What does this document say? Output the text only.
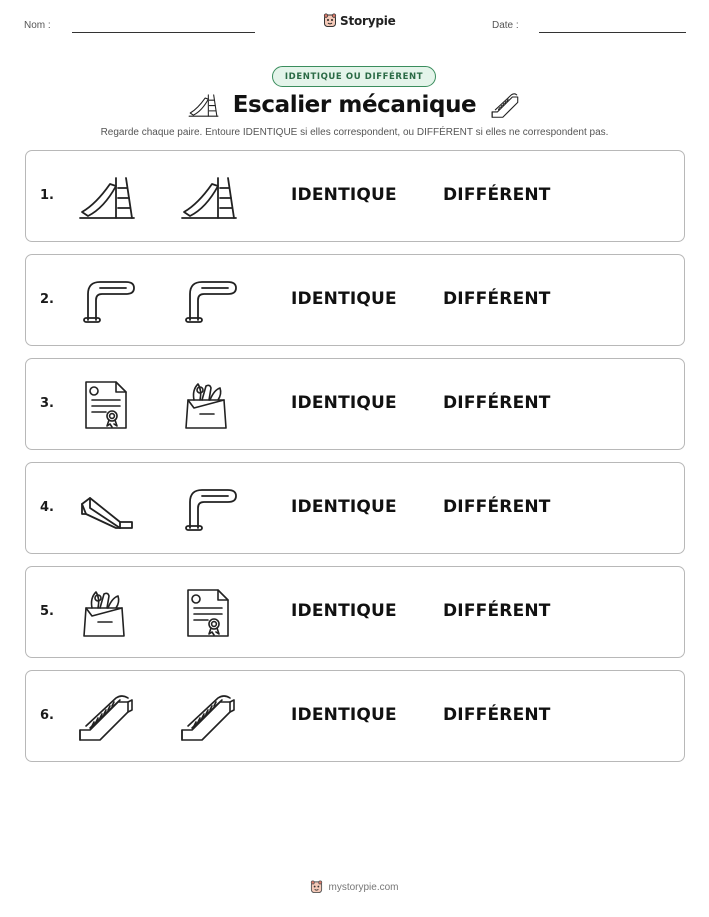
Nom :	Storypie	Date :
IDENTIQUE OU DIFFÉRENT
Escalier mécanique
Regarde chaque paire. Entoure IDENTIQUE si elles correspondent, ou DIFFÉRENT si elles ne correspondent pas.
1.	IDENTIQUE	DIFFÉRENT
2.	IDENTIQUE	DIFFÉRENT
3.	IDENTIQUE	DIFFÉRENT
4.	IDENTIQUE	DIFFÉRENT
5.	IDENTIQUE	DIFFÉRENT
6.	IDENTIQUE	DIFFÉRENT
mystorypie.com
